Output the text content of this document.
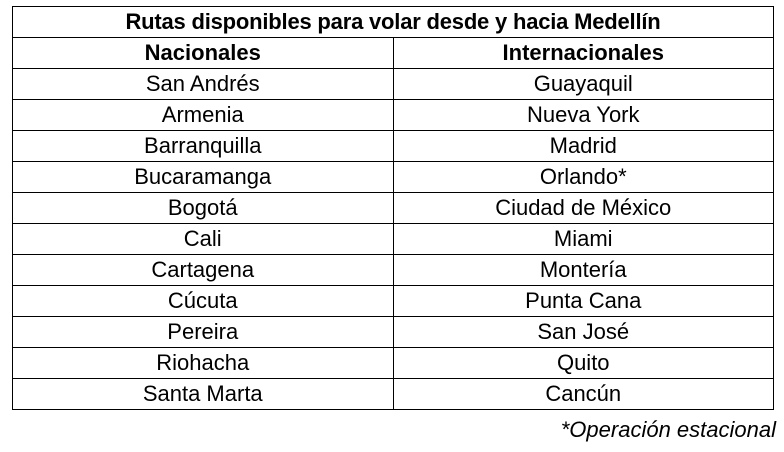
Rutas disponibles para volar desde y hacia Medellín	
Nacionales	Internacionales
San Andrés	Guayaquil
Armenia	Nueva York
Barranquilla	Madrid
Bucaramanga	Orlando*
Bogotá	Ciudad de México
Cali	Miami
Cartagena	Montería
Cúcuta	Punta Cana
Pereira	San José
Riohacha	Quito
Santa Marta	Cancún
*Operación estacional
